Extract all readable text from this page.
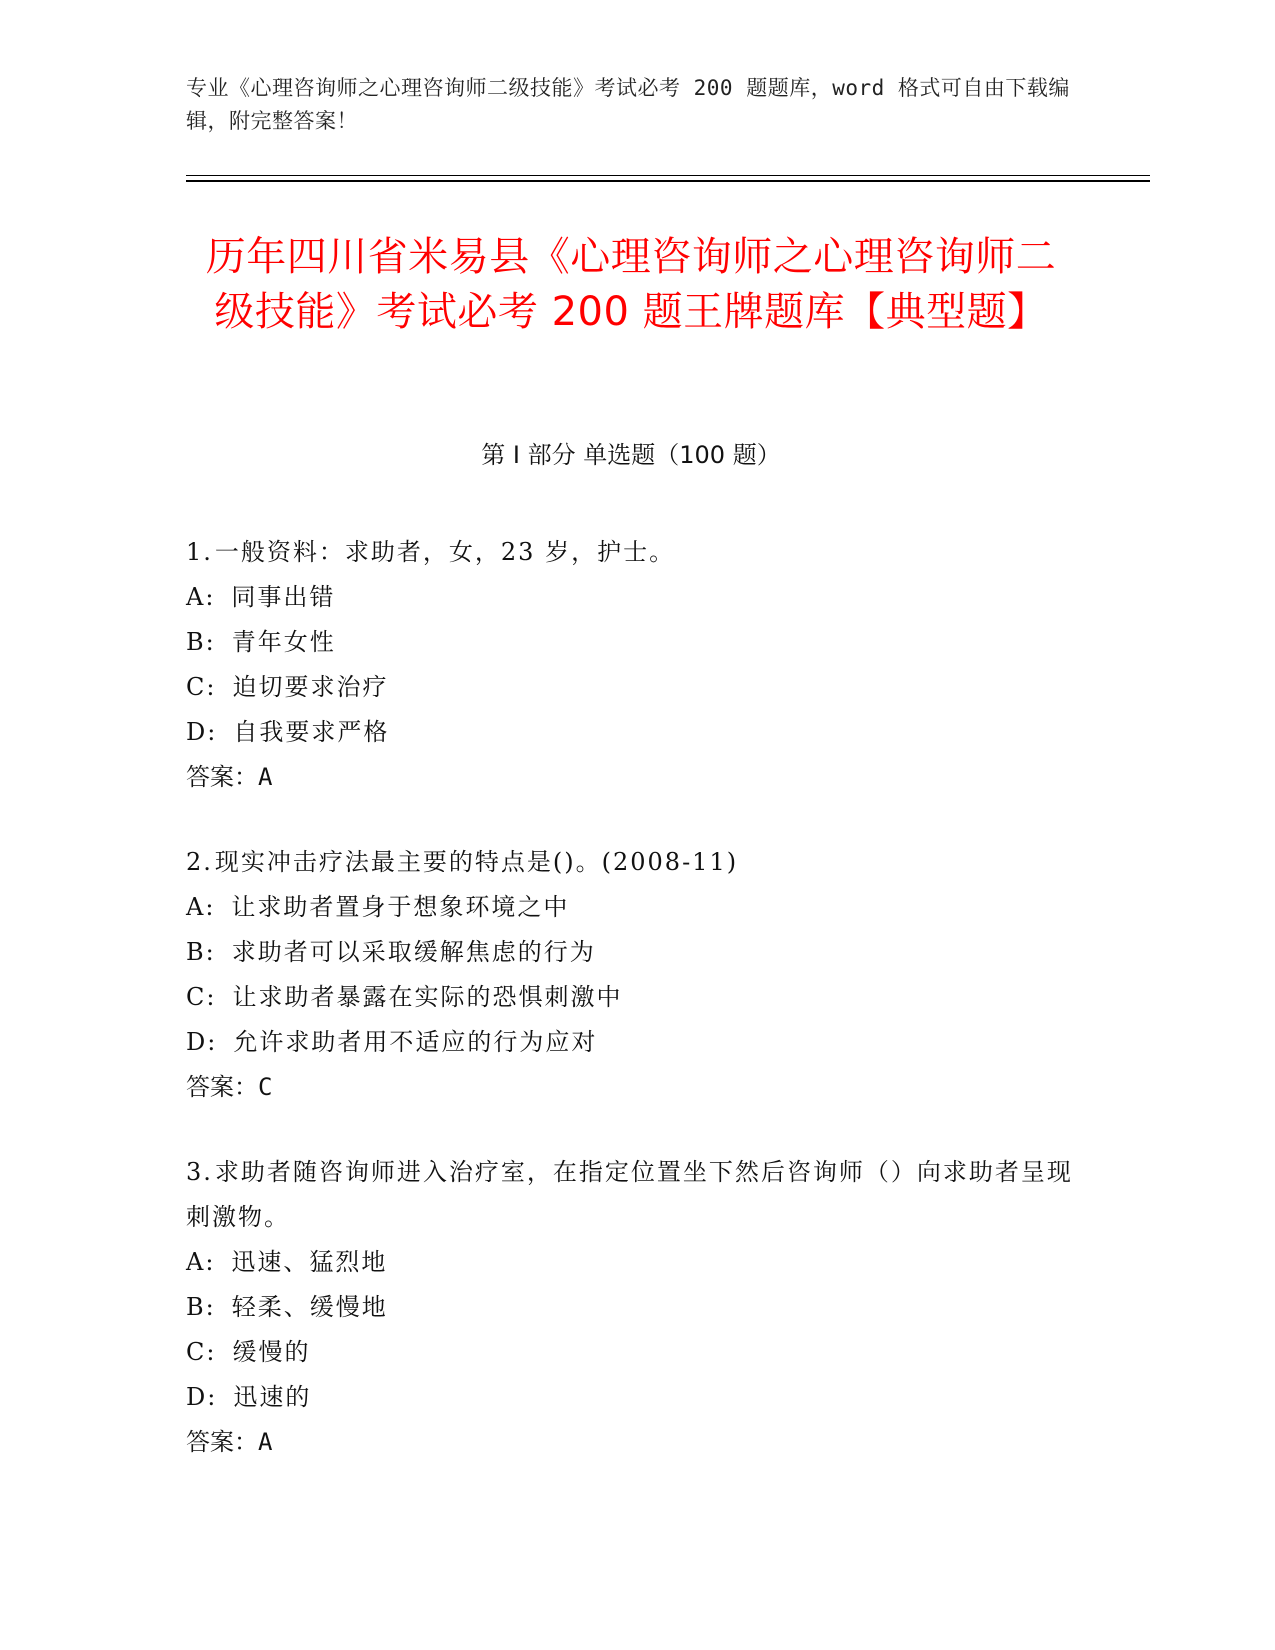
专业《心理咨询师之心理咨询师二级技能》考试必考 200 题题库，word 格式可自由下载编辑，附完整答案！
历年四川省米易县《心理咨询师之心理咨询师二级技能》考试必考 200 题王牌题库【典型题】
第 I 部分 单选题（100 题）
1.一般资料：求助者，女，23 岁，护士。
A: 同事出错
B: 青年女性
C: 迫切要求治疗
D: 自我要求严格
答案：A
2.现实冲击疗法最主要的特点是()。(2008-11)
A: 让求助者置身于想象环境之中
B: 求助者可以采取缓解焦虑的行为
C: 让求助者暴露在实际的恐惧刺激中
D: 允许求助者用不适应的行为应对
答案：C
3.求助者随咨询师进入治疗室，在指定位置坐下然后咨询师（）向求助者呈现刺激物。
A: 迅速、猛烈地
B: 轻柔、缓慢地
C: 缓慢的
D: 迅速的
答案：A
